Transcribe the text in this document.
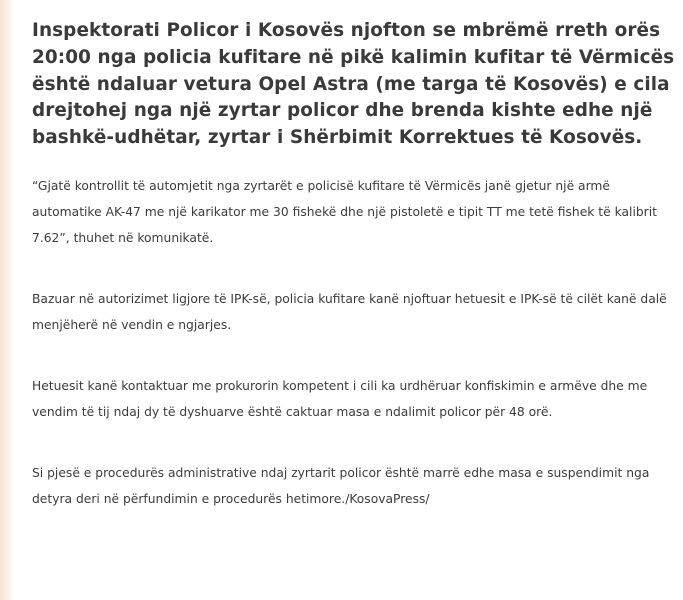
Inspektorati Policor i Kosovës njofton se mbrëmë rreth orës 20:00 nga policia kufitare në pikë kalimin kufitar të Vërmicës është ndaluar vetura Opel Astra (me targa të Kosovës) e cila drejtohej nga një zyrtar policor dhe brenda kishte edhe një bashkë-udhëtar, zyrtar i Shërbimit Korrektues të Kosovës.

“Gjatë kontrollit të automjetit nga zyrtarët e policisë kufitare të Vërmicës janë gjetur një armë automatike AK-47 me një karikator me 30 fishekë dhe një pistoletë e tipit TT me tetë fishek të kalibrit 7.62”, thuhet në komunikatë.

Bazuar në autorizimet ligjore të IPK-së, policia kufitare kanë njoftuar hetuesit e IPK-së të cilët kanë dalë menjëherë në vendin e ngjarjes.

Hetuesit kanë kontaktuar me prokurorin kompetent i cili ka urdhëruar konfiskimin e armëve dhe me vendim të tij ndaj dy të dyshuarve është caktuar masa e ndalimit policor për 48 orë.

Si pjesë e procedurës administrative ndaj zyrtarit policor është marrë edhe masa e suspendimit nga detyra deri në përfundimin e procedurës hetimore./KosovaPress/
